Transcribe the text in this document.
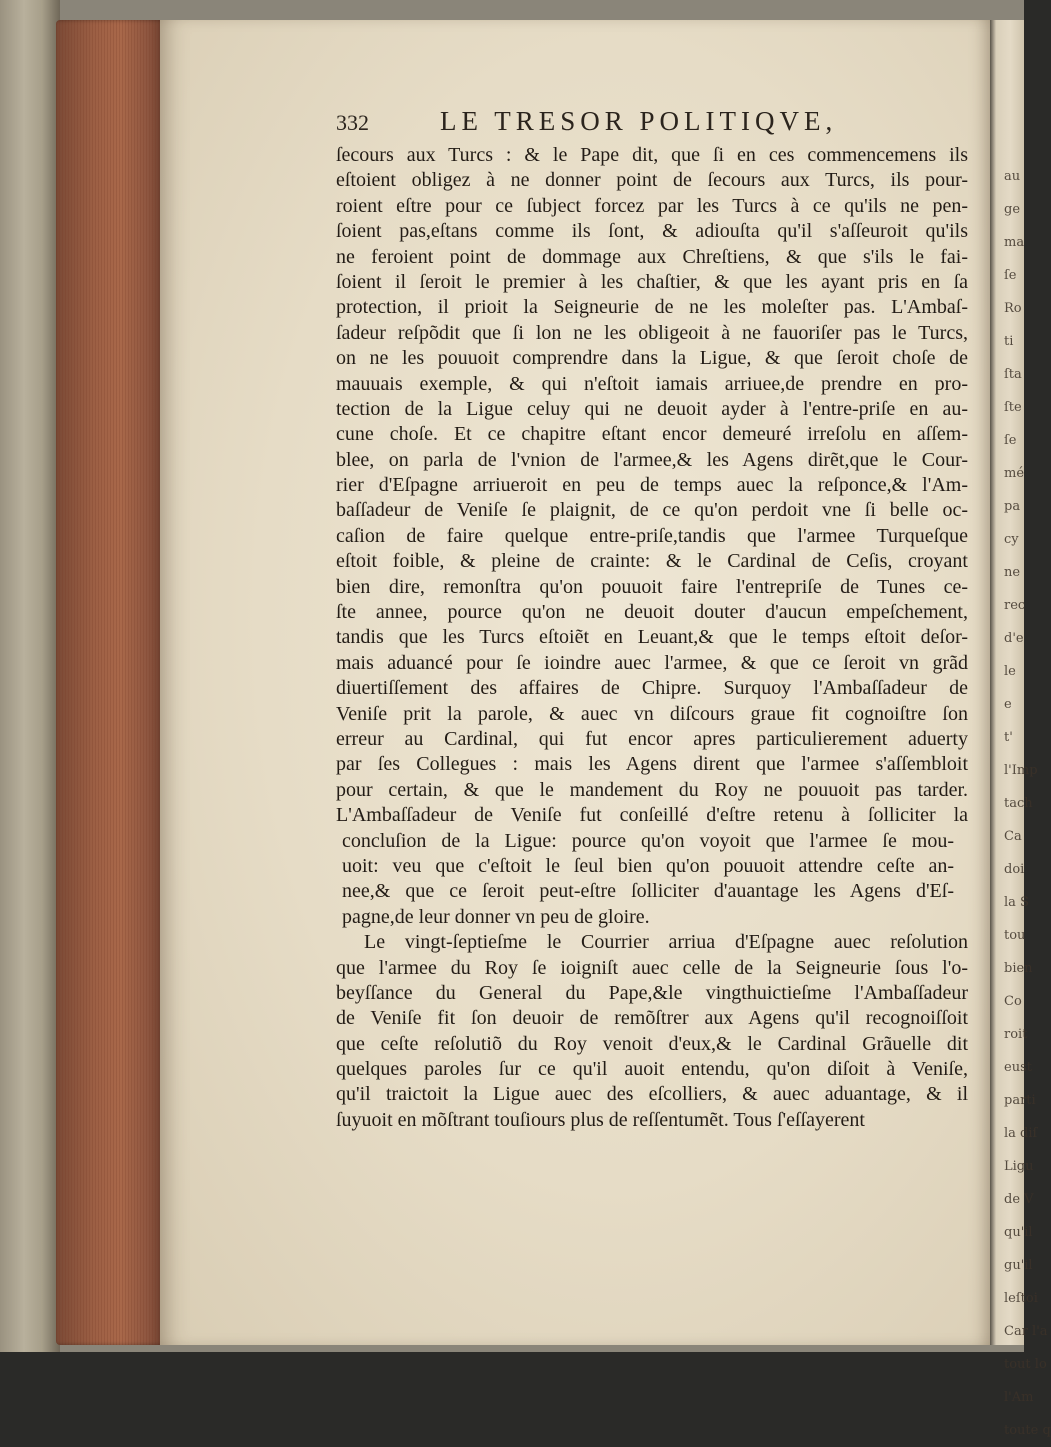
au
ge
ma
ſe
Ro
ti
ſta
ſte
ſe
mé
pa
cy
ne
rec
d'e
le
e
t'
l'Imp
tach
Ca
doi
la S
tou
bien
Co
roit
eust
parti
la diſ
Ligu
de V
qu'il
gu'il
leſtoi
Car l'a
tout lo
l'Am
toute q
332	LE TRESOR POLITIQVE,
ſecours aux Turcs : & le Pape dit, que ſi en ces commencemens ils
eſtoient obligez à ne donner point de ſecours aux Turcs, ils pour-
roient eſtre pour ce ſubject forcez par les Turcs à ce qu'ils ne pen-
ſoient pas,eſtans comme ils ſont, & adiouſta qu'il s'aſſeuroit qu'ils
ne feroient point de dommage aux Chreſtiens, & que s'ils le fai-
ſoient il ſeroit le premier à les chaſtier, & que les ayant pris en ſa
protection, il prioit la Seigneurie de ne les moleſter pas. L'Ambaſ-
ſadeur reſpõdit que ſi lon ne les obligeoit à ne fauoriſer pas le Turcs,
on ne les pouuoit comprendre dans la Ligue, & que ſeroit choſe de
mauuais exemple, & qui n'eſtoit iamais arriuee,de prendre en pro-
tection de la Ligue celuy qui ne deuoit ayder à l'entre-priſe en au-
cune choſe. Et ce chapitre eſtant encor demeuré irreſolu en aſſem-
blee, on parla de l'vnion de l'armee,& les Agens dirẽt,que le Cour-
rier d'Eſpagne arriueroit en peu de temps auec la reſponce,& l'Am-
baſſadeur de Veniſe ſe plaignit, de ce qu'on perdoit vne ſi belle oc-
caſion de faire quelque entre-priſe,tandis que l'armee Turqueſque
eſtoit foible, & pleine de crainte: & le Cardinal de Ceſis, croyant
bien dire, remonſtra qu'on pouuoit faire l'entrepriſe de Tunes ce-
ſte annee, pource qu'on ne deuoit douter d'aucun empeſchement,
tandis que les Turcs eſtoiẽt en Leuant,& que le temps eſtoit deſor-
mais aduancé pour ſe ioindre auec l'armee, & que ce ſeroit vn grãd
diuertiſſement des affaires de Chipre. Surquoy l'Ambaſſadeur de
Veniſe prit la parole, & auec vn diſcours graue fit cognoiſtre ſon
erreur au Cardinal, qui fut encor apres particulierement aduerty
par ſes Collegues : mais les Agens dirent que l'armee s'aſſembloit
pour certain, & que le mandement du Roy ne pouuoit pas tarder.
L'Ambaſſadeur de Veniſe fut conſeillé d'eſtre retenu à ſolliciter la
concluſion de la Ligue: pource qu'on voyoit que l'armee ſe mou-
uoit: veu que c'eſtoit le ſeul bien qu'on pouuoit attendre ceſte an-
nee,& que ce ſeroit peut-eſtre ſolliciter d'auantage les Agens d'Eſ-
pagne,de leur donner vn peu de gloire.
Le vingt-ſeptieſme le Courrier arriua d'Eſpagne auec reſolution
que l'armee du Roy ſe ioigniſt auec celle de la Seigneurie ſous l'o-
beyſſance du General du Pape,&le vingthuictieſme l'Ambaſſadeur
de Veniſe fit ſon deuoir de remõſtrer aux Agens qu'il recognoiſſoit
que ceſte reſolutiõ du Roy venoit d'eux,& le Cardinal Grãuelle dit
quelques paroles ſur ce qu'il auoit entendu, qu'on diſoit à Veniſe,
qu'il traictoit la Ligue auec des eſcolliers, & auec aduantage, & il
ſuyuoit en mõſtrant touſiours plus de reſſentumẽt. Tous ſ'eſſayerent
